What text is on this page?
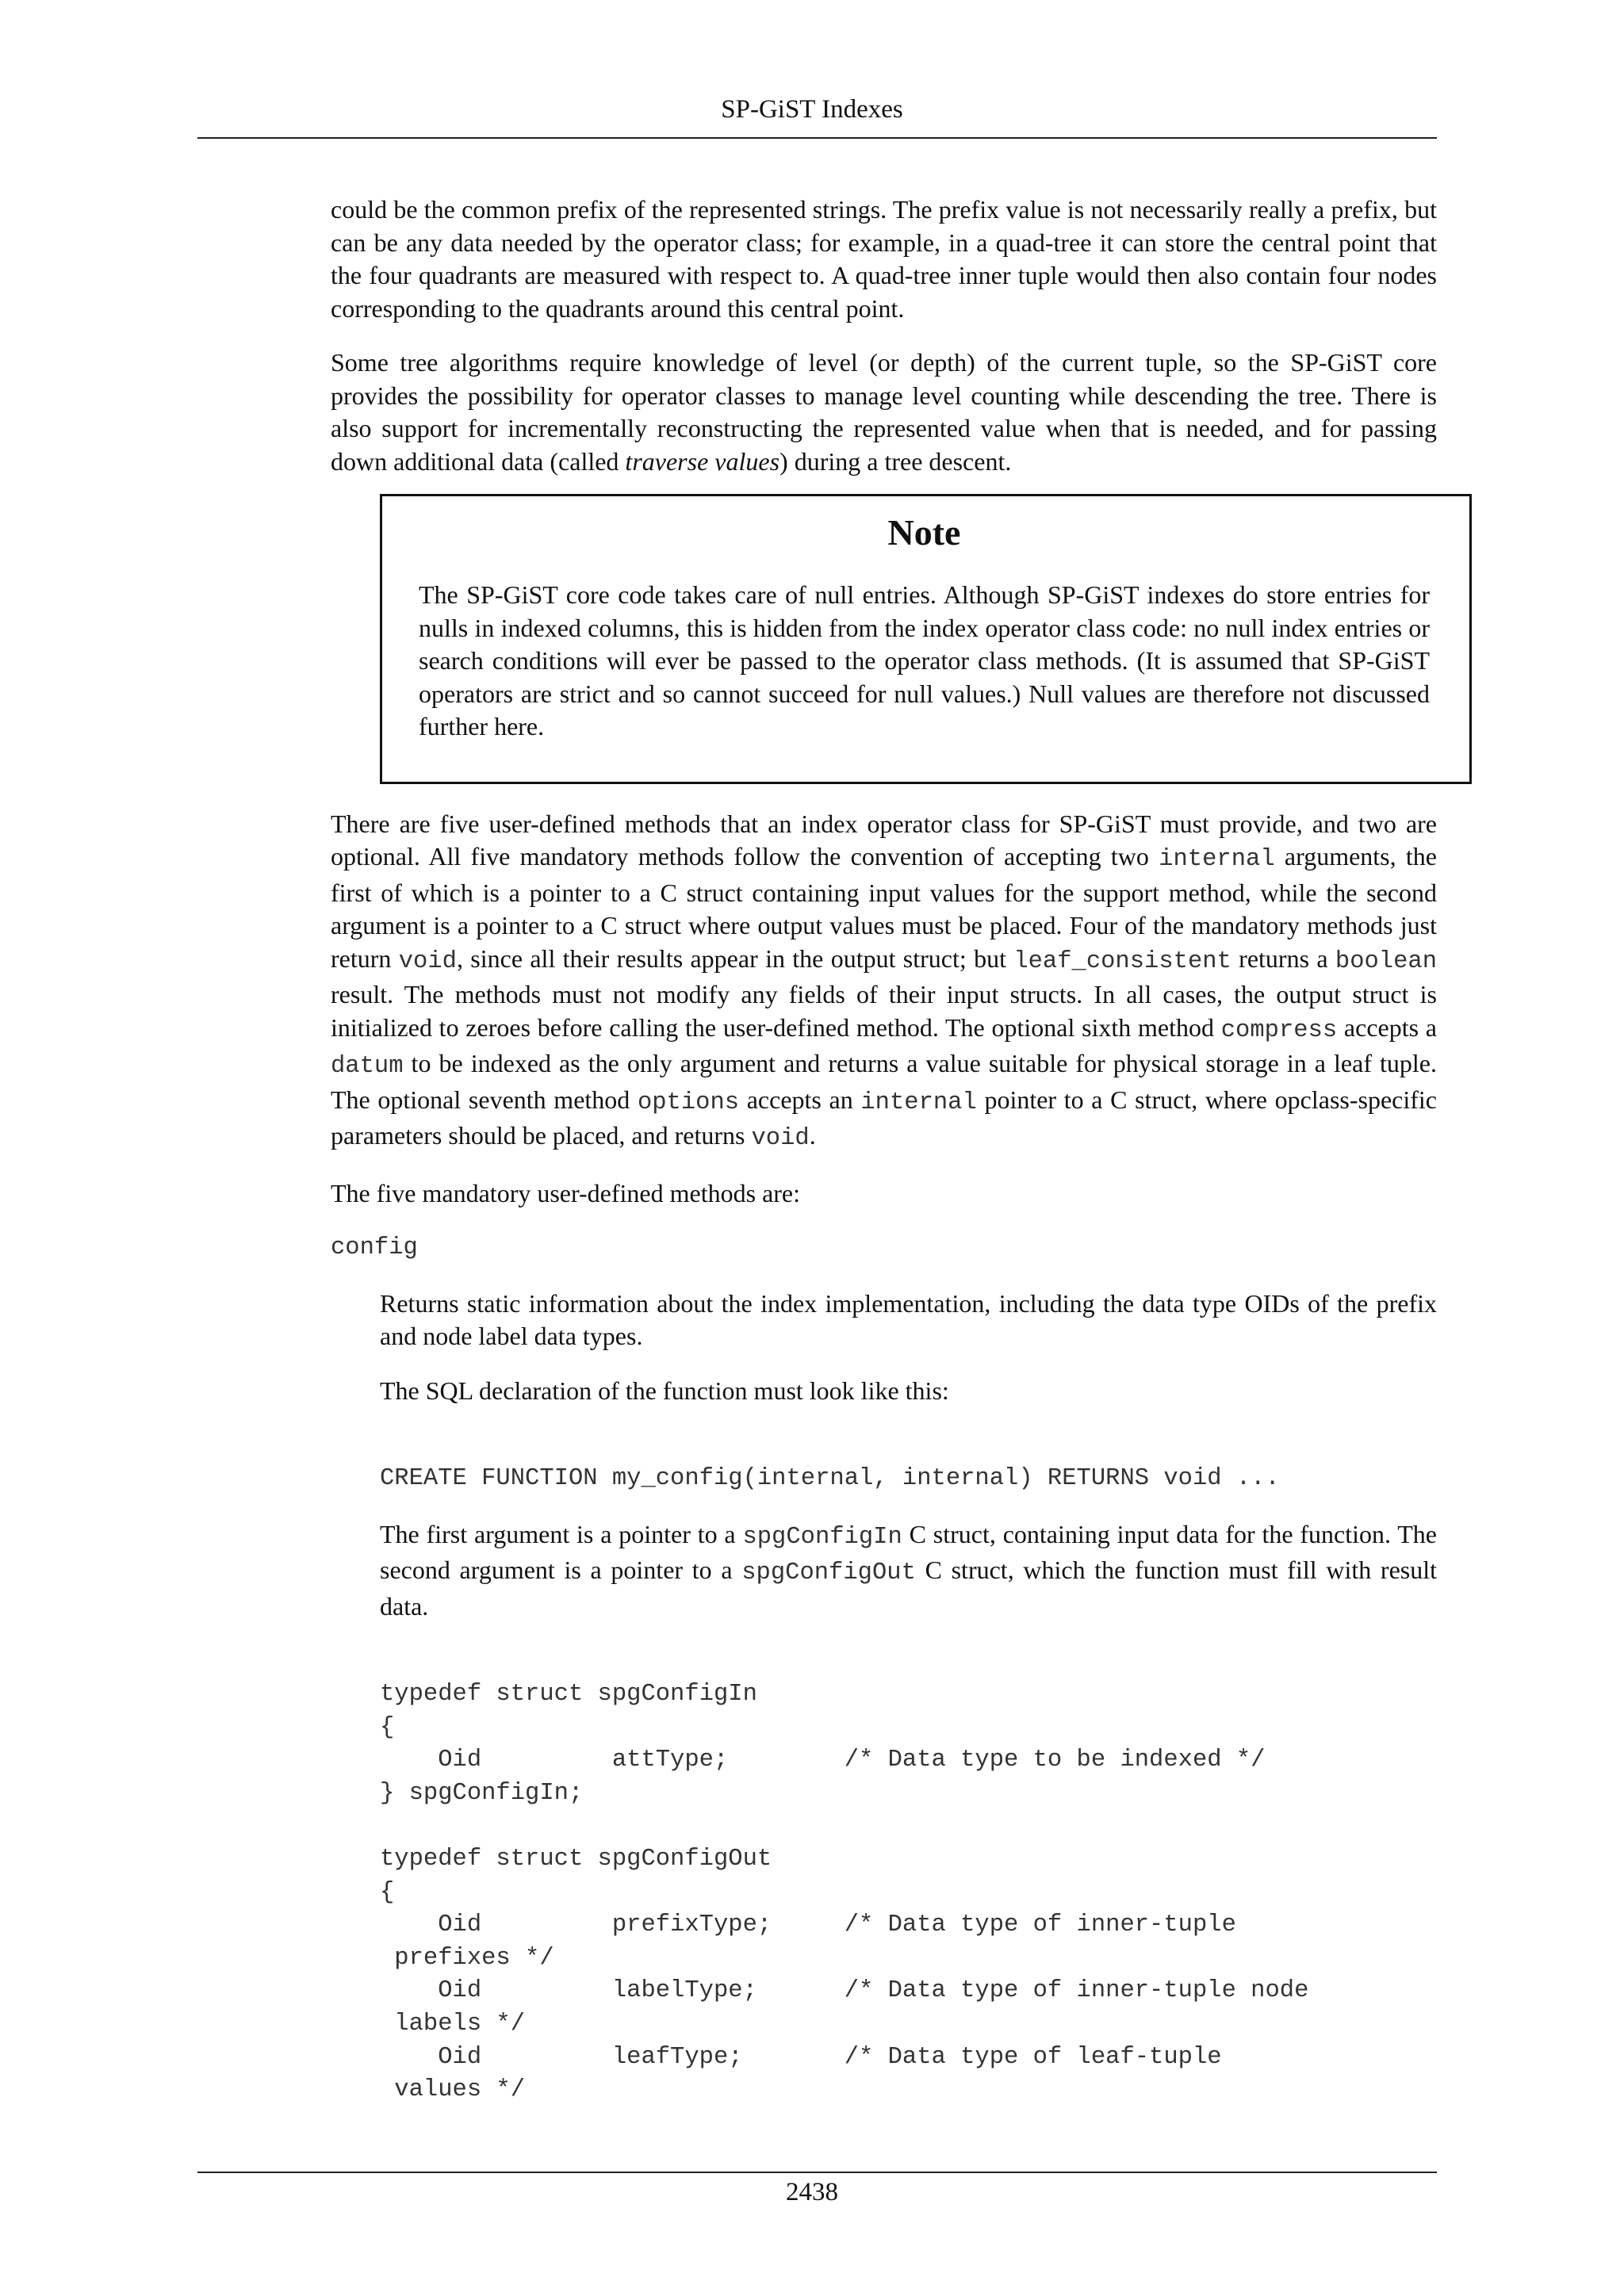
SP-GiST Indexes

could be the common prefix of the represented strings. The prefix value is not necessarily really a prefix, but can be any data needed by the operator class; for example, in a quad-tree it can store the central point that the four quadrants are measured with respect to. A quad-tree inner tuple would then also contain four nodes corresponding to the quadrants around this central point.

Some tree algorithms require knowledge of level (or depth) of the current tuple, so the SP-GiST core provides the possibility for operator classes to manage level counting while descending the tree. There is also support for incrementally reconstructing the represented value when that is needed, and for passing down additional data (called traverse values) during a tree descent.

Note

The SP-GiST core code takes care of null entries. Although SP-GiST indexes do store entries for nulls in indexed columns, this is hidden from the index operator class code: no null index entries or search conditions will ever be passed to the operator class methods. (It is assumed that SP-GiST operators are strict and so cannot succeed for null values.) Null values are therefore not discussed further here.

There are five user-defined methods that an index operator class for SP-GiST must provide, and two are optional. All five mandatory methods follow the convention of accepting two internal arguments, the first of which is a pointer to a C struct containing input values for the support method, while the second argument is a pointer to a C struct where output values must be placed. Four of the mandatory methods just return void, since all their results appear in the output struct; but leaf_consistent returns a boolean result. The methods must not modify any fields of their input structs. In all cases, the output struct is initialized to zeroes before calling the user-defined method. The optional sixth method compress accepts a datum to be indexed as the only argument and returns a value suitable for physical storage in a leaf tuple. The optional seventh method options accepts an internal pointer to a C struct, where opclass-specific parameters should be placed, and returns void.

The five mandatory user-defined methods are:

config

Returns static information about the index implementation, including the data type OIDs of the prefix and node label data types.

The SQL declaration of the function must look like this:

CREATE FUNCTION my_config(internal, internal) RETURNS void ...

The first argument is a pointer to a spgConfigIn C struct, containing input data for the function. The second argument is a pointer to a spgConfigOut C struct, which the function must fill with result data.

typedef struct spgConfigIn
{
Oid         attType;        /* Data type to be indexed */
} spgConfigIn;

typedef struct spgConfigOut
{
Oid         prefixType;     /* Data type of inner-tuple
prefixes */
Oid         labelType;      /* Data type of inner-tuple node
labels */
Oid         leafType;       /* Data type of leaf-tuple
values */
2438
